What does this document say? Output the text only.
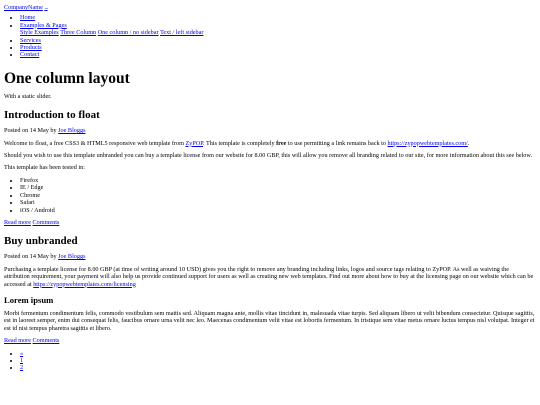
CompanyName ...
• Home
• Examples & Pages
Style Examples Three Column One column / no sidebar Text / left sidebar
• Services
• Products
• Contact
One column layout

With a static slider.

Introduction to float

Posted on 14 May by Joe Bloggs

Welcome to float, a free CSS3 & HTML5 responsive web template from ZyPOP. This template is completely free to use permitting a link remains back to https://zypopwebtemplates.com/.

Should you wish to use this template unbranded you can buy a template license from our website for 8.00 GBP, this will allow you remove all branding related to our site, for more information about this see below.

This template has been tested in:

• Firefox
• IE / Edge
• Chrome
• Safari
• iOS / Android

Read more Comments

Buy unbranded

Posted on 14 May by Joe Bloggs

Purchasing a template license for 8.00 GBP (at time of writing around 10 USD) gives you the right to remove any branding including links, logos and source tags relating to ZyPOP. As well as waiving the attribution requirement, your payment will also help us provide continued support for users as well as creating new web templates. Find out more about how to buy at the licensing page on our website which can be accessed at https://zypopwebtemplates.com/licensing

Lorem ipsum

Morbi fermentum condimentum felis, commodo vestibulum sem mattis sed. Aliquam magna ante, mollis vitae tincidunt in, malesuada vitae turpis. Sed aliquam libero ut velit bibendum consectetur. Quisque sagittis, est in laoreet semper, enim dui consequat felis, faucibus ornare urna velit nec leo. Maecenas condimentum velit vitae est lobortis fermentum. In tristique sem vitae metus ornare luctus tempus nisl volutpat. Integer et est id nisi tempus pharetra sagittis et libero.

Read more Comments

• «
• 1
• 2
